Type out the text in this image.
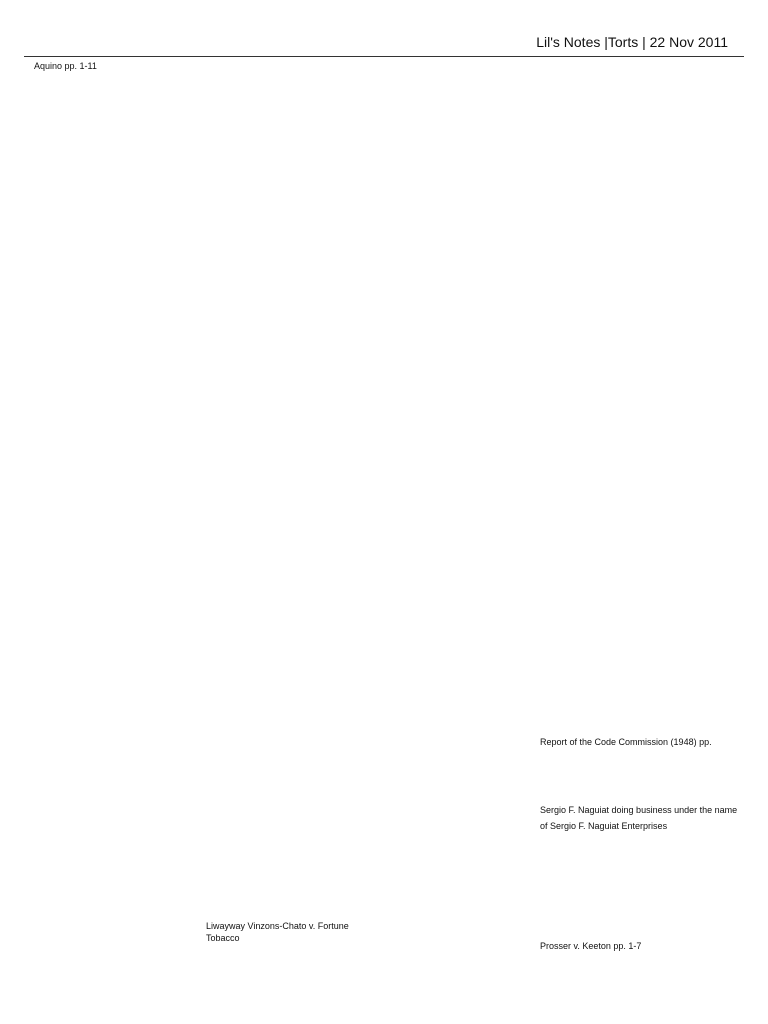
Lil's Notes |Torts | 22 Nov 2011
Aquino pp. 1-11
Report of the Code Commission (1948) pp.
Sergio F. Naguiat doing business under the name
of Sergio F. Naguiat Enterprises
Liwayway Vinzons-Chato v. Fortune Tobacco
Prosser v. Keeton pp. 1-7
